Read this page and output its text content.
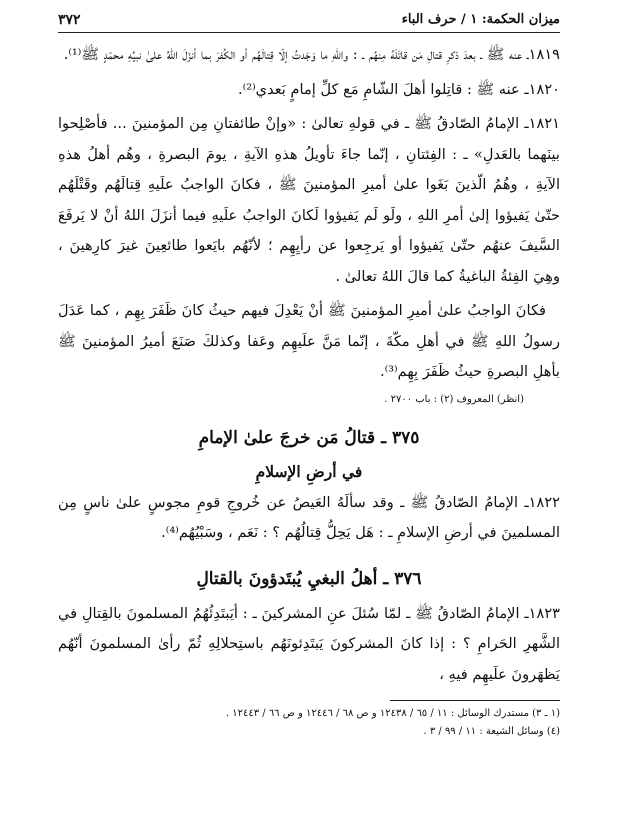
ميزان الحكمة: ١ / حرف الباء
٣٧٢

١٨١٩ـ عنه ﷺ ـ بعدَ ذكرِ قتالِ مَن قاتَلَهُ مِنهُم ـ : واللهِ ما وَجَدتُ إلّا قِتالَهُم أو الكُفرَ بما أنزَلَ اللهُ علىٰ نبيِّهِ محمّدٍ ﷺ⁽¹⁾.

١٨٢٠ـ عنه ﷺ : قاتِلوا أهلَ الشّامِ مَع كلِّ إمامٍ بَعدي⁽²⁾.

١٨٢١ـ الإمامُ الصّادقُ ﷺ ـ في قولهِ تعالىٰ : «وإنْ طائفتانِ مِن المؤمنينَ ... فأصْلِحوا بينَهما بالعَدلِ» ـ : الفِئتانِ ، إنّما جاءَ تأويلُ هذهِ الآيةِ ، يومَ البصرةِ ، وهُم أهلُ هذهِ الآيةِ ، وهُمُ الّذينَ بَغَوا علىٰ أميرِ المؤمنينَ ﷺ ، فكانَ الواجبُ علَيهِ قِتالَهُم وقَتْلَهُم حتّىٰ يَفيؤوا إلىٰ أمرِ اللهِ ، ولَو لَم يَفيؤوا لَكانَ الواجبُ علَيهِ فيما أنزَلَ اللهُ أنْ لا يَرفَعَ السَّيفَ عنهُم حتّىٰ يَفيؤوا أو يَرجِعوا عن رأيِهِم ؛ لأنّهُم بايَعوا طائعِينَ غيرَ كارِهينَ ، وهِيَ الفِئةُ الباغيةُ كما قالَ اللهُ تعالىٰ .

فكانَ الواجبُ علىٰ أميرِ المؤمنينَ ﷺ أنْ يَعْدِلَ فيهم حيثُ كانَ ظَفَرَ بِهِم ، كما عَدَلَ رسولُ اللهِ ﷺ في أهلِ مكّةَ ، إنّما مَنَّ علَيهِم وعَفا وكذلكَ صَنَعَ أميرُ المؤمنينَ ﷺ بأهلِ البصرةِ حيثُ ظَفَرَ بِهِم⁽³⁾.

(انظر) المعروف (٢) : باب ٢٧٠٠ .

٣٧٥ ـ قتالُ مَن خرجَ علىٰ الإمامِ
في أرضِ الإسلامِ

١٨٢٢ـ الإمامُ الصّادقُ ﷺ ـ وقد سألَهُ العَيصُ عن خُروجِ قومِ مجوسٍ علىٰ ناسٍ مِن المسلمينَ في أرضِ الإسلامِ ـ : هَل يَحِلُّ قِتالُهُم ؟ : نَعَم ، وسَبْيُهُم⁽⁴⁾.

٣٧٦ ـ أهلُ البغيِ يُبتَدؤونَ بالقتالِ

١٨٢٣ـ الإمامُ الصّادقُ ﷺ ـ لمّا سُئلَ عنِ المشركينَ ـ : أيَبتَدِئُهُمُ المسلمونَ بالقِتالِ في الشَّهرِ الحَرامِ ؟ : إذا كانَ المشركونَ يَبتَدِئونَهُم باستِحلالِهِ ثُمّ رأىٰ المسلمونَ أنّهُم يَظهَرونَ علَيهِم فيهِ ،

(١ ـ ٣) مستدرك الوسائل : ١١ / ٦٥ / ١٢٤٣٨ و ص ٦٨ / ١٢٤٤٦ و ص ٦٦ / ١٢٤٤٣ .

(٤) وسائل الشيعة : ١١ / ٩٩ / ٣ .
